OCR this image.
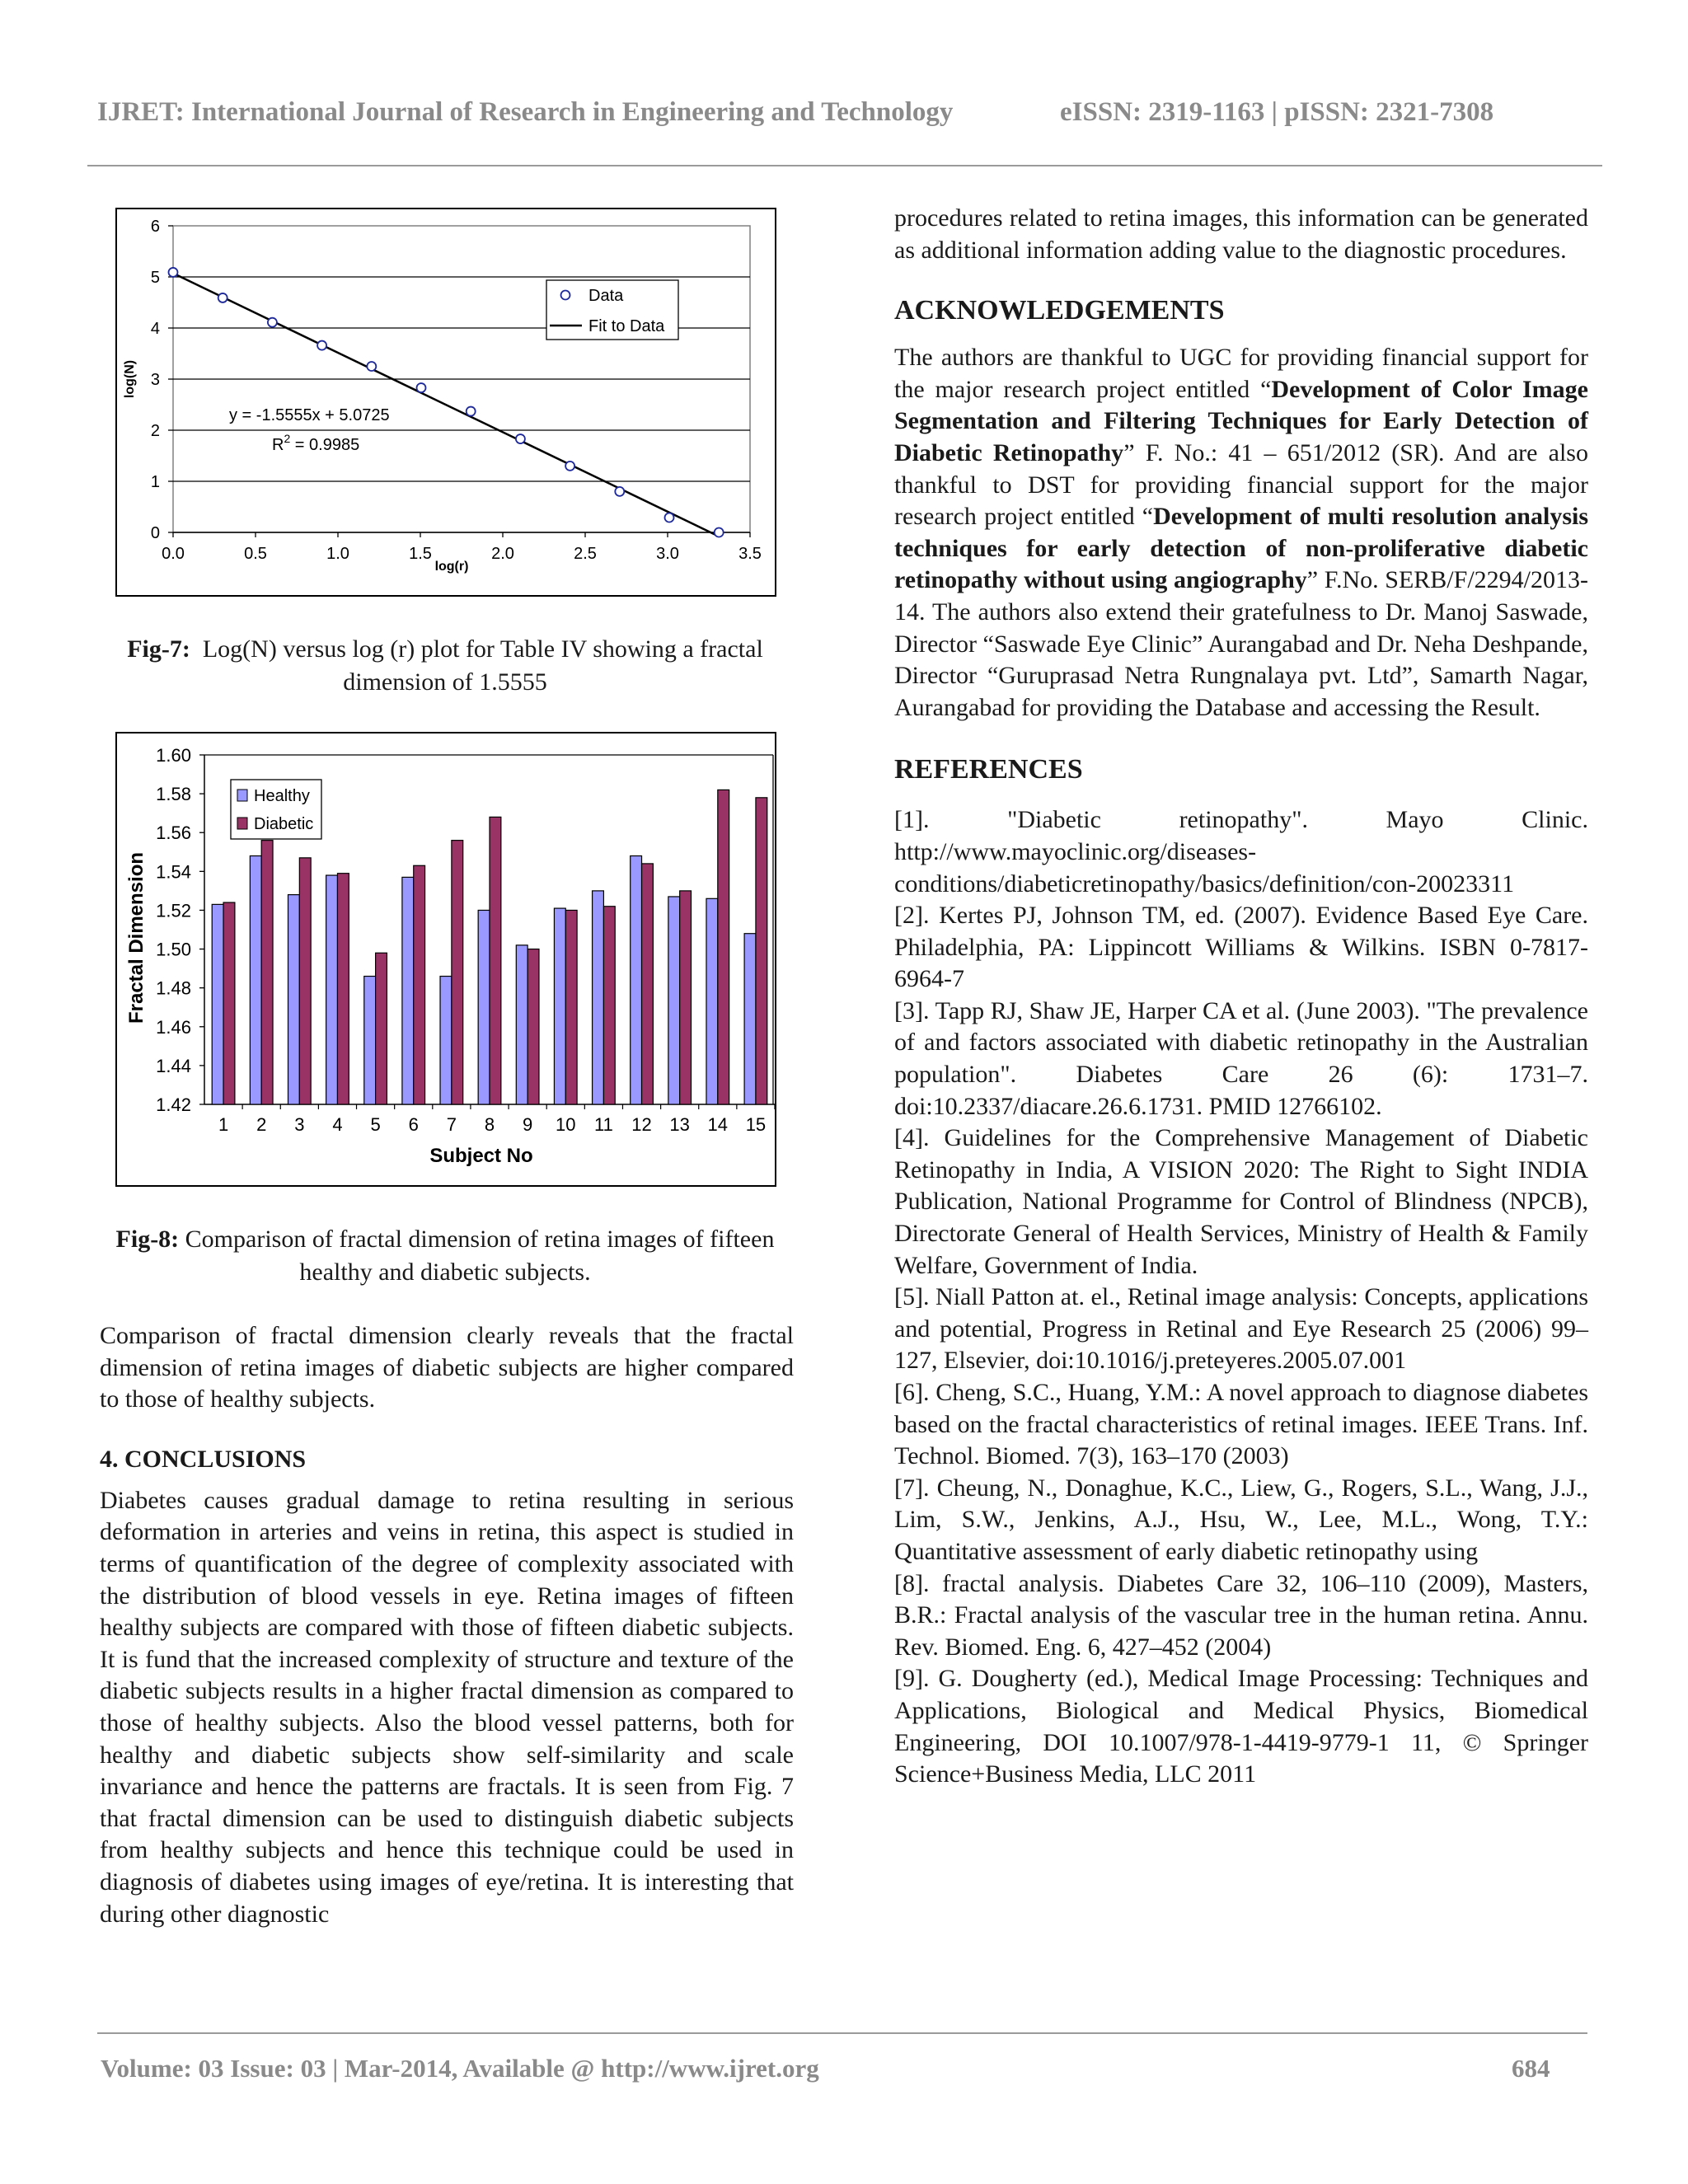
IJRET: International Journal of Research in Engineering and Technology	eISSN: 2319-1163 | pISSN: 2321-7308
0
1
2
3
4
5
6
0.0	0.5	1.0	1.5	2.0	2.5	3.0	3.5
log(r)
log(N)
y = -1.5555x + 5.0725
$R^2 = 0.9985$
Data
Fit to Data
Fig-7: Log(N) versus log (r) plot for Table IV showing a fractal dimension of 1.5555
1.42
1.44
1.46
1.48
1.50
1.52
1.54
1.56
1.58
1.60
1 2 3 4 5 6 7 8 9 10 11 12 13 14 15
Subject No
Fractal Dimension
Healthy
Diabetic
Fig-8: Comparison of fractal dimension of retina images of fifteen healthy and diabetic subjects.

Comparison of fractal dimension clearly reveals that the fractal dimension of retina images of diabetic subjects are higher compared to those of healthy subjects.

4. CONCLUSIONS

Diabetes causes gradual damage to retina resulting in serious deformation in arteries and veins in retina, this aspect is studied in terms of quantification of the degree of complexity associated with the distribution of blood vessels in eye. Retina images of fifteen healthy subjects are compared with those of fifteen diabetic subjects. It is fund that the increased complexity of structure and texture of the diabetic subjects results in a higher fractal dimension as compared to those of healthy subjects. Also the blood vessel patterns, both for healthy and diabetic subjects show self-similarity and scale invariance and hence the patterns are fractals. It is seen from Fig. 7 that fractal dimension can be used to distinguish diabetic subjects from healthy subjects and hence this technique could be used in diagnosis of diabetes using images of eye/retina. It is interesting that during other diagnostic

procedures related to retina images, this information can be generated as additional information adding value to the diagnostic procedures.

ACKNOWLEDGEMENTS

The authors are thankful to UGC for providing financial support for the major research project entitled “Development of Color Image Segmentation and Filtering Techniques for Early Detection of Diabetic Retinopathy” F. No.: 41 – 651/2012 (SR). And are also thankful to DST for providing financial support for the major research project entitled “Development of multi resolution analysis techniques for early detection of non-proliferative diabetic retinopathy without using angiography” F.No. SERB/F/2294/2013-14. The authors also extend their gratefulness to Dr. Manoj Saswade, Director “Saswade Eye Clinic” Aurangabad and Dr. Neha Deshpande, Director “Guruprasad Netra Rungnalaya pvt. Ltd”, Samarth Nagar, Aurangabad for providing the Database and accessing the Result.

REFERENCES

[1]. "Diabetic retinopathy". Mayo Clinic. http://www.mayoclinic.org/diseases-conditions/diabeticretinopathy/basics/definition/con-20023311

[2]. Kertes PJ, Johnson TM, ed. (2007). Evidence Based Eye Care. Philadelphia, PA: Lippincott Williams & Wilkins. ISBN 0-7817-6964-7

[3]. Tapp RJ, Shaw JE, Harper CA et al. (June 2003). "The prevalence of and factors associated with diabetic retinopathy in the Australian population". Diabetes Care 26 (6): 1731–7. doi:10.2337/diacare.26.6.1731. PMID 12766102.

[4]. Guidelines for the Comprehensive Management of Diabetic Retinopathy in India, A VISION 2020: The Right to Sight INDIA Publication, National Programme for Control of Blindness (NPCB), Directorate General of Health Services, Ministry of Health & Family Welfare, Government of India.

[5]. Niall Patton at. el., Retinal image analysis: Concepts, applications and potential, Progress in Retinal and Eye Research 25 (2006) 99–127, Elsevier, doi:10.1016/j.preteyeres.2005.07.001

[6]. Cheng, S.C., Huang, Y.M.: A novel approach to diagnose diabetes based on the fractal characteristics of retinal images. IEEE Trans. Inf. Technol. Biomed. 7(3), 163–170 (2003)

[7]. Cheung, N., Donaghue, K.C., Liew, G., Rogers, S.L., Wang, J.J., Lim, S.W., Jenkins, A.J., Hsu, W., Lee, M.L., Wong, T.Y.: Quantitative assessment of early diabetic retinopathy using

[8]. fractal analysis. Diabetes Care 32, 106–110 (2009), Masters, B.R.: Fractal analysis of the vascular tree in the human retina. Annu. Rev. Biomed. Eng. 6, 427–452 (2004)

[9]. G. Dougherty (ed.), Medical Image Processing: Techniques and Applications, Biological and Medical Physics, Biomedical Engineering, DOI 10.1007/978-1-4419-9779-1 11, © Springer Science+Business Media, LLC 2011

Volume: 03 Issue: 03 | Mar-2014, Available @ http://www.ijret.org	684
